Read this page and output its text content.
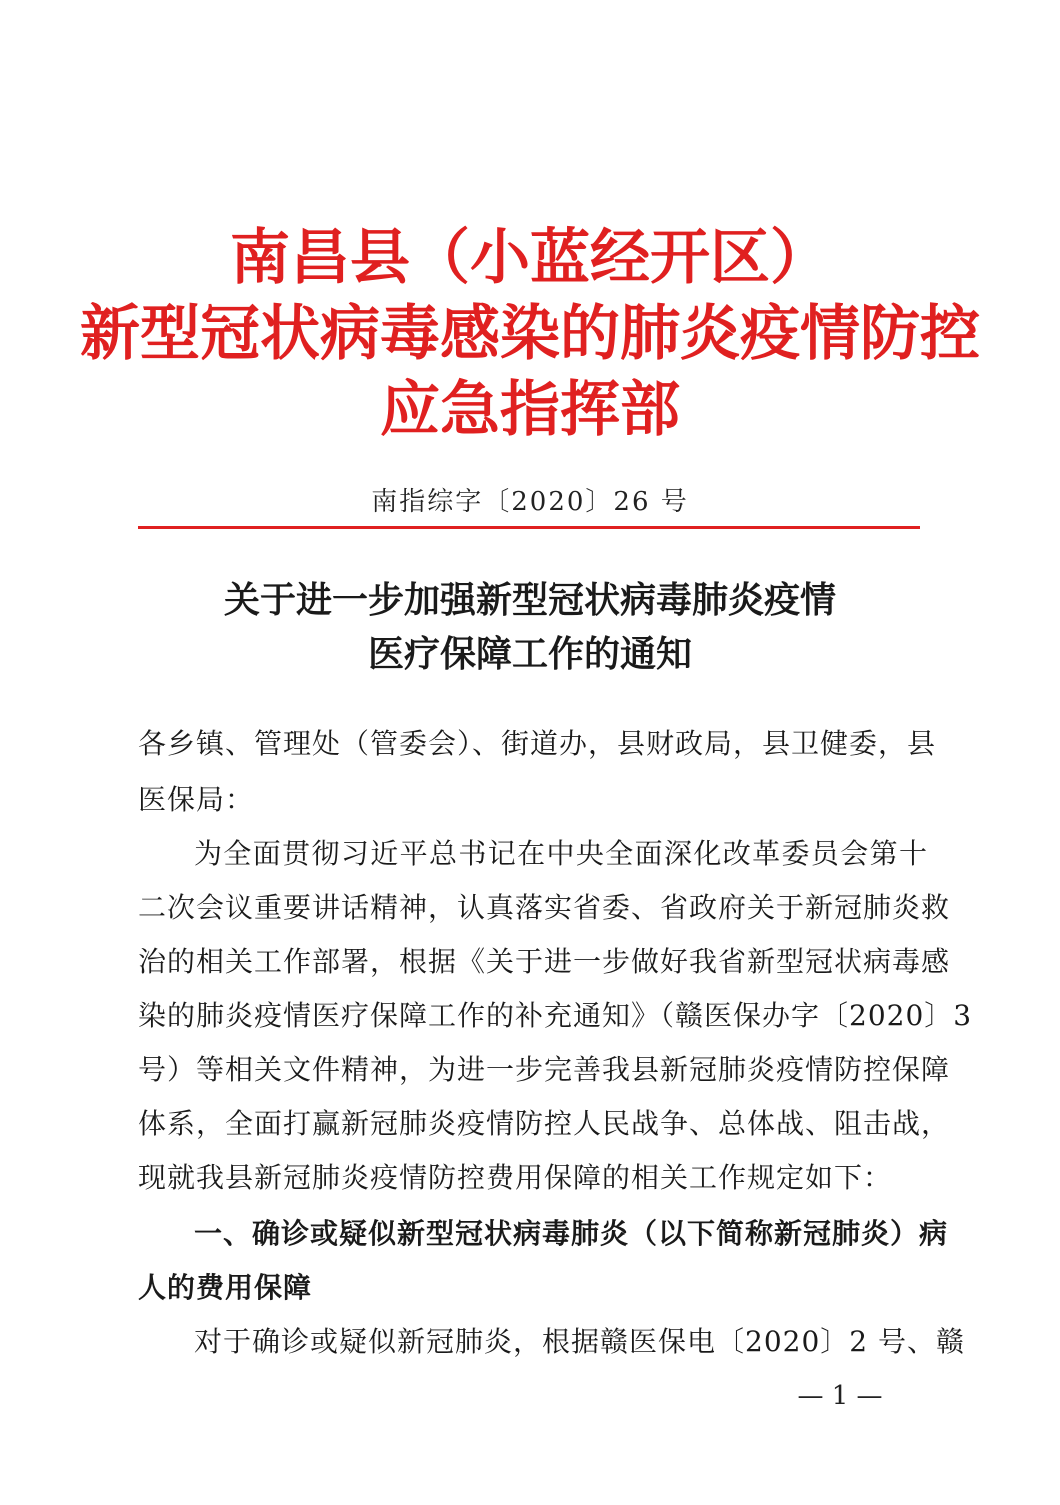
南昌县（小蓝经开区）
新型冠状病毒感染的肺炎疫情防控
应急指挥部
南指综字〔2020〕26 号
关于进一步加强新型冠状病毒肺炎疫情
医疗保障工作的通知
各乡镇、管理处（管委会）、街道办，县财政局，县卫健委，县
医保局：
为全面贯彻习近平总书记在中央全面深化改革委员会第十
二次会议重要讲话精神，认真落实省委、省政府关于新冠肺炎救
治的相关工作部署，根据《关于进一步做好我省新型冠状病毒感
染的肺炎疫情医疗保障工作的补充通知》（赣医保办字〔2020〕3
号）等相关文件精神，为进一步完善我县新冠肺炎疫情防控保障
体系，全面打赢新冠肺炎疫情防控人民战争、总体战、阻击战，
现就我县新冠肺炎疫情防控费用保障的相关工作规定如下：
一、确诊或疑似新型冠状病毒肺炎（以下简称新冠肺炎）病
人的费用保障
对于确诊或疑似新冠肺炎，根据赣医保电〔2020〕2 号、赣
— 1 —
